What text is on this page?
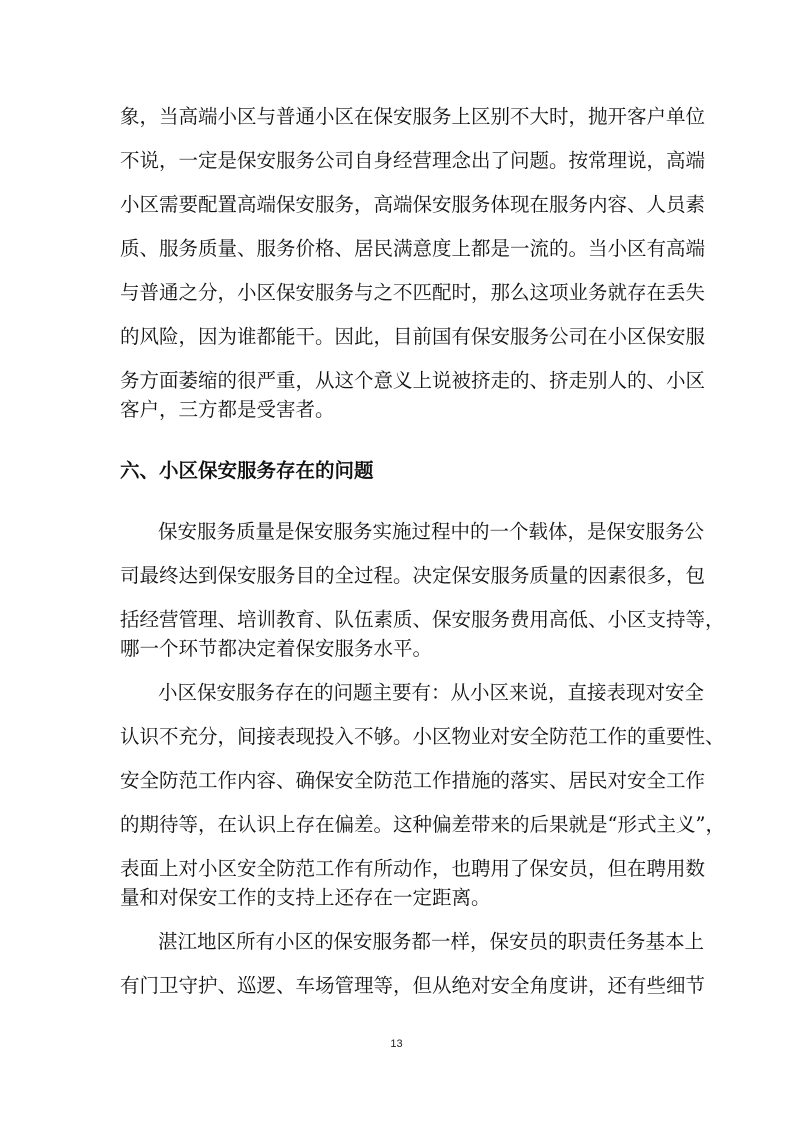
象，当高端小区与普通小区在保安服务上区别不大时，抛开客户单位
不说，一定是保安服务公司自身经营理念出了问题。按常理说，高端
小区需要配置高端保安服务，高端保安服务体现在服务内容、人员素
质、服务质量、服务价格、居民满意度上都是一流的。当小区有高端
与普通之分，小区保安服务与之不匹配时，那么这项业务就存在丢失
的风险，因为谁都能干。因此，目前国有保安服务公司在小区保安服
务方面萎缩的很严重，从这个意义上说被挤走的、挤走别人的、小区
客户，三方都是受害者。
六、小区保安服务存在的问题
保安服务质量是保安服务实施过程中的一个载体，是保安服务公
司最终达到保安服务目的全过程。决定保安服务质量的因素很多，包
括经营管理、培训教育、队伍素质、保安服务费用高低、小区支持等，
哪一个环节都决定着保安服务水平。
小区保安服务存在的问题主要有：从小区来说，直接表现对安全
认识不充分，间接表现投入不够。小区物业对安全防范工作的重要性、
安全防范工作内容、确保安全防范工作措施的落实、居民对安全工作
的期待等，在认识上存在偏差。这种偏差带来的后果就是“形式主义”，
表面上对小区安全防范工作有所动作，也聘用了保安员，但在聘用数
量和对保安工作的支持上还存在一定距离。
湛江地区所有小区的保安服务都一样，保安员的职责任务基本上
有门卫守护、巡逻、车场管理等，但从绝对安全角度讲，还有些细节
13
